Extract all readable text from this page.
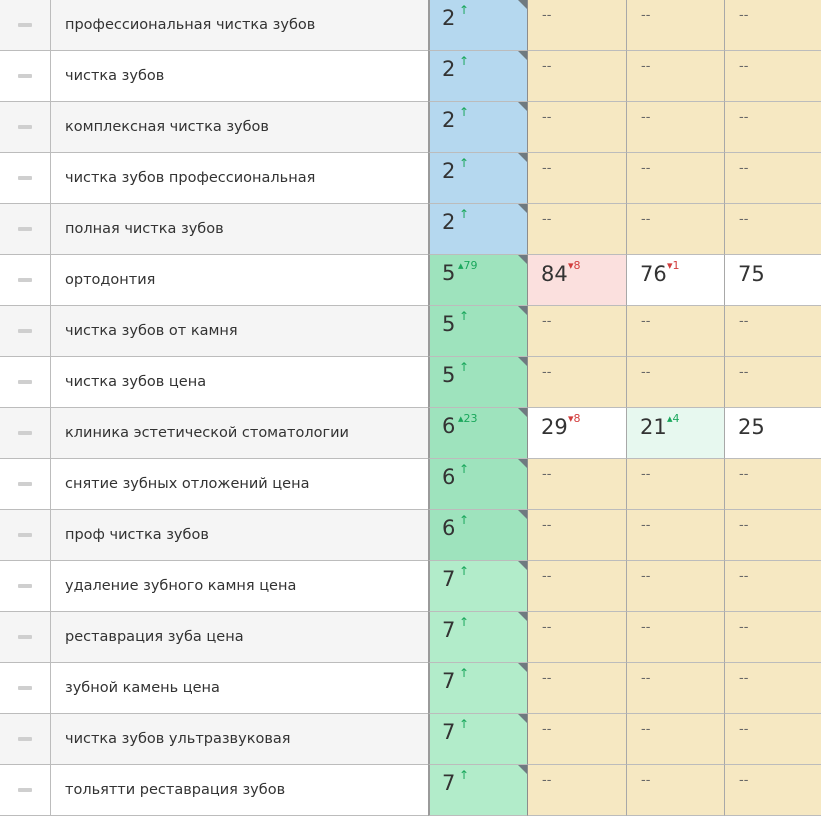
профессиональная чистка зубов	2 ↑	--	--	--
чистка зубов	2 ↑	--	--	--
комплексная чистка зубов	2 ↑	--	--	--
чистка зубов профессиональная	2 ↑	--	--	--
полная чистка зубов	2 ↑	--	--	--
ортодонтия	5 ▴79	84 ▾8	76 ▾1	75
чистка зубов от камня	5 ↑	--	--	--
чистка зубов цена	5 ↑	--	--	--
клиника эстетической стоматологии	6 ▴23	29 ▾8	21 ▴4	25
снятие зубных отложений цена	6 ↑	--	--	--
проф чистка зубов	6 ↑	--	--	--
удаление зубного камня цена	7 ↑	--	--	--
реставрация зуба цена	7 ↑	--	--	--
зубной камень цена	7 ↑	--	--	--
чистка зубов ультразвуковая	7 ↑	--	--	--
тольятти реставрация зубов	7 ↑	--	--	--
